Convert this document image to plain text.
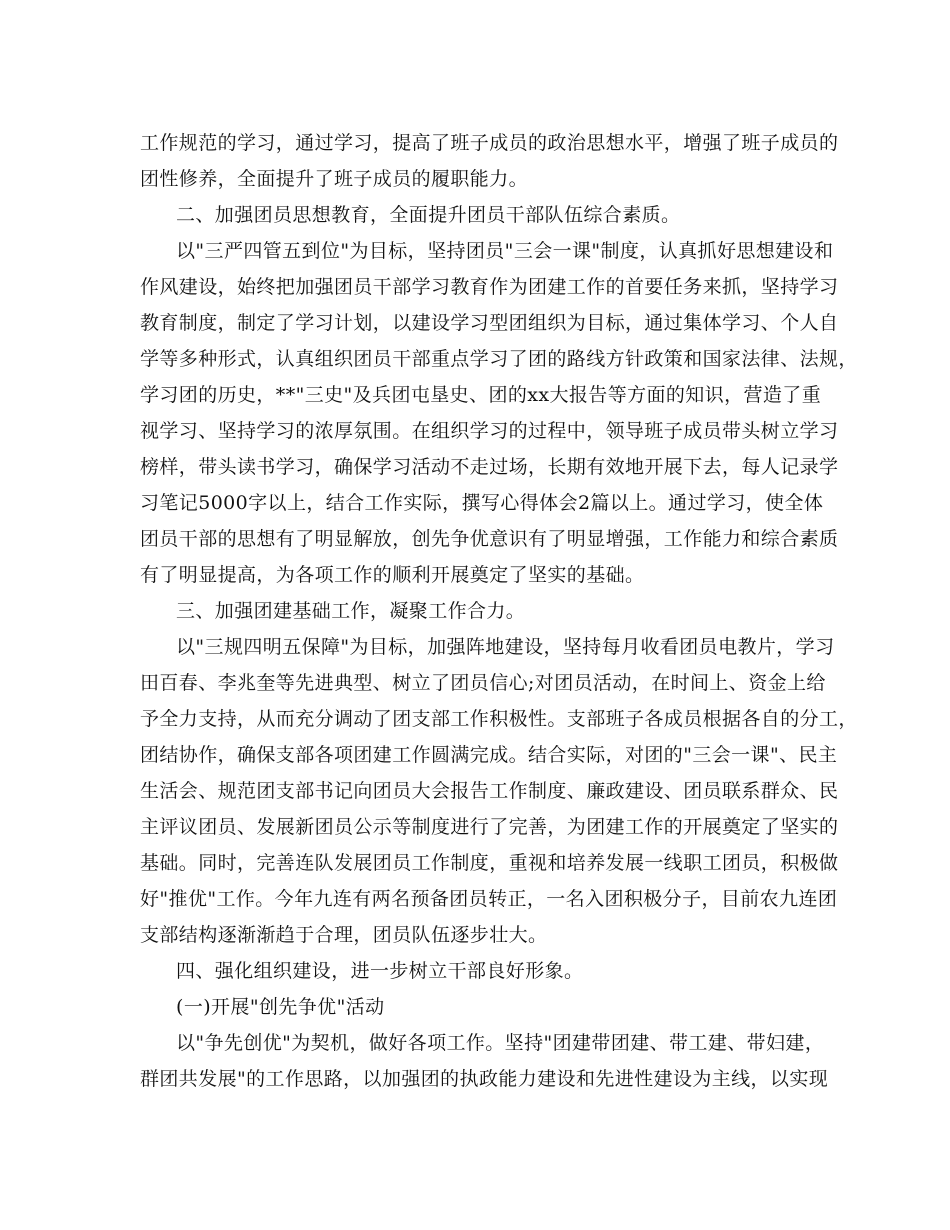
工作规范的学习，通过学习，提高了班子成员的政治思想水平，增强了班子成员的
团性修养，全面提升了班子成员的履职能力。
二、加强团员思想教育，全面提升团员干部队伍综合素质。
以"三严四管五到位"为目标，坚持团员"三会一课"制度，认真抓好思想建设和
作风建设，始终把加强团员干部学习教育作为团建工作的首要任务来抓，坚持学习
教育制度，制定了学习计划，以建设学习型团组织为目标，通过集体学习、个人自
学等多种形式，认真组织团员干部重点学习了团的路线方针政策和国家法律、法规，
学习团的历史，**"三史"及兵团屯垦史、团的xx大报告等方面的知识，营造了重
视学习、坚持学习的浓厚氛围。在组织学习的过程中，领导班子成员带头树立学习
榜样，带头读书学习，确保学习活动不走过场，长期有效地开展下去，每人记录学
习笔记5000字以上，结合工作实际，撰写心得体会2篇以上。通过学习，使全体
团员干部的思想有了明显解放，创先争优意识有了明显增强，工作能力和综合素质
有了明显提高，为各项工作的顺利开展奠定了坚实的基础。
三、加强团建基础工作，凝聚工作合力。
以"三规四明五保障"为目标，加强阵地建设，坚持每月收看团员电教片，学习
田百春、李兆奎等先进典型、树立了团员信心;对团员活动，在时间上、资金上给
予全力支持，从而充分调动了团支部工作积极性。支部班子各成员根据各自的分工，
团结协作，确保支部各项团建工作圆满完成。结合实际，对团的"三会一课"、民主
生活会、规范团支部书记向团员大会报告工作制度、廉政建设、团员联系群众、民
主评议团员、发展新团员公示等制度进行了完善，为团建工作的开展奠定了坚实的
基础。同时，完善连队发展团员工作制度，重视和培养发展一线职工团员，积极做
好"推优"工作。今年九连有两名预备团员转正，一名入团积极分子，目前农九连团
支部结构逐渐渐趋于合理，团员队伍逐步壮大。
四、强化组织建设，进一步树立干部良好形象。
(一)开展"创先争优"活动
以"争先创优"为契机，做好各项工作。坚持"团建带团建、带工建、带妇建，
群团共发展"的工作思路，以加强团的执政能力建设和先进性建设为主线，以实现
